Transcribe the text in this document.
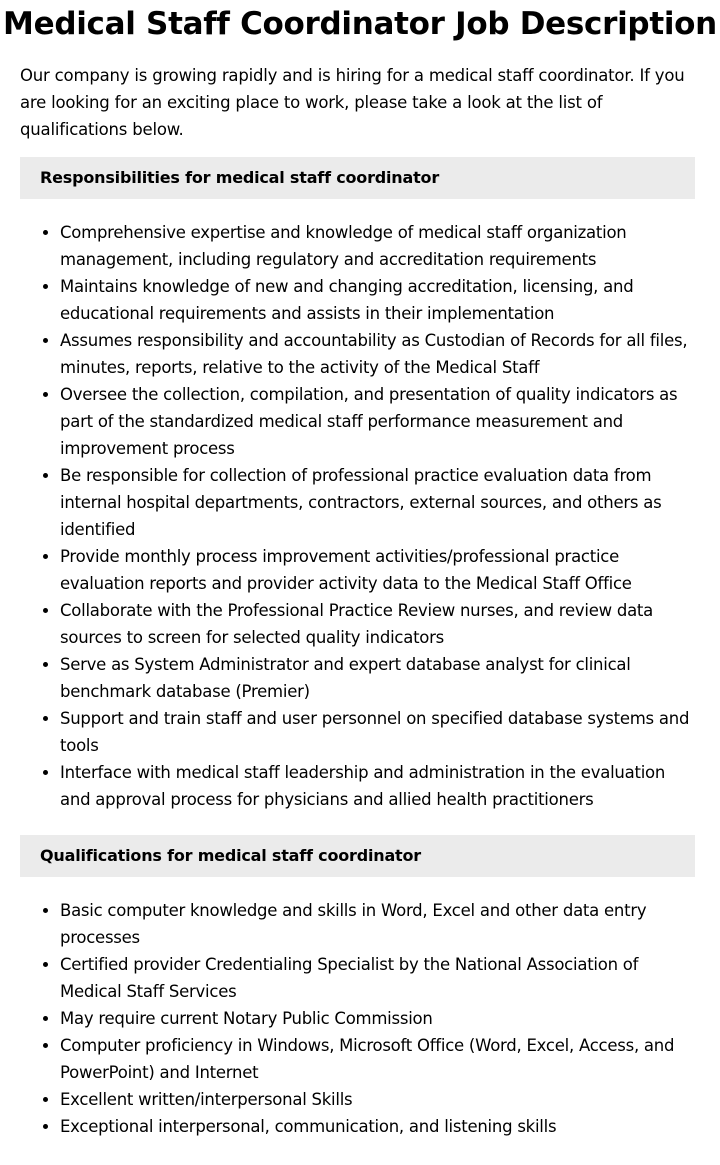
Medical Staff Coordinator Job Description

Our company is growing rapidly and is hiring for a medical staff coordinator. If you are looking for an exciting place to work, please take a look at the list of qualifications below.

Responsibilities for medical staff coordinator
• Comprehensive expertise and knowledge of medical staff organization management, including regulatory and accreditation requirements
• Maintains knowledge of new and changing accreditation, licensing, and educational requirements and assists in their implementation
• Assumes responsibility and accountability as Custodian of Records for all files, minutes, reports, relative to the activity of the Medical Staff
• Oversee the collection, compilation, and presentation of quality indicators as part of the standardized medical staff performance measurement and improvement process
• Be responsible for collection of professional practice evaluation data from internal hospital departments, contractors, external sources, and others as identified
• Provide monthly process improvement activities/professional practice evaluation reports and provider activity data to the Medical Staff Office
• Collaborate with the Professional Practice Review nurses, and review data sources to screen for selected quality indicators
• Serve as System Administrator and expert database analyst for clinical benchmark database (Premier)
• Support and train staff and user personnel on specified database systems and tools
• Interface with medical staff leadership and administration in the evaluation and approval process for physicians and allied health practitioners
Qualifications for medical staff coordinator
• Basic computer knowledge and skills in Word, Excel and other data entry processes
• Certified provider Credentialing Specialist by the National Association of Medical Staff Services
• May require current Notary Public Commission
• Computer proficiency in Windows, Microsoft Office (Word, Excel, Access, and PowerPoint) and Internet
• Excellent written/interpersonal Skills
• Exceptional interpersonal, communication, and listening skills
